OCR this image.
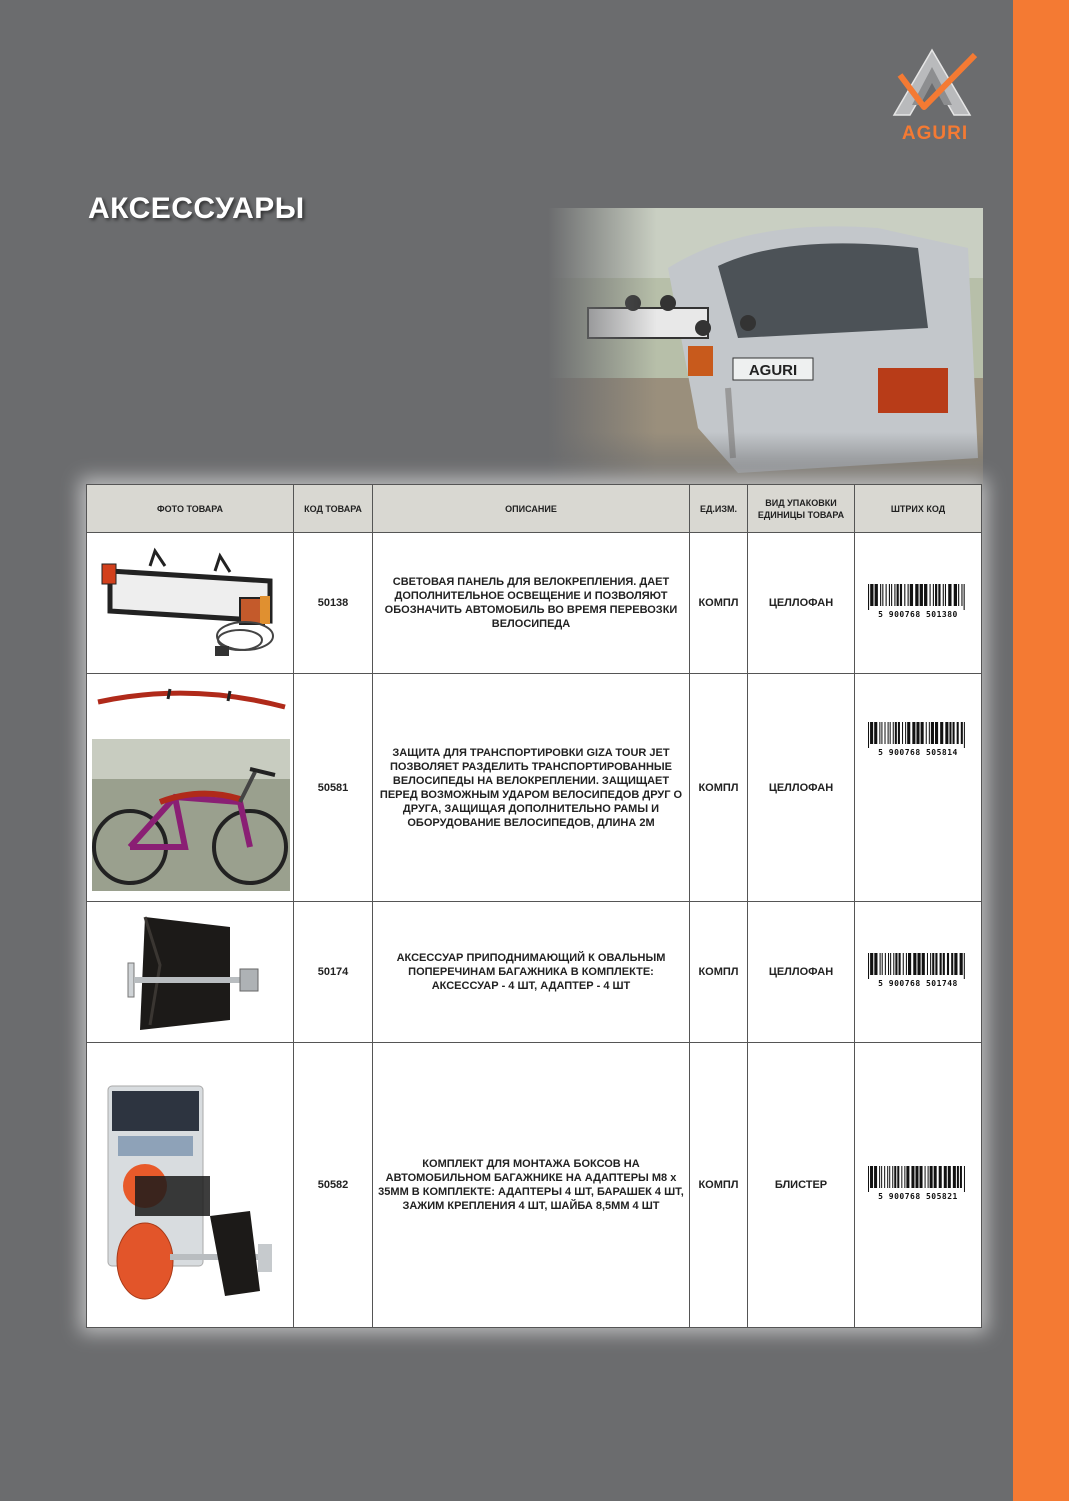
AGURI
АКСЕССУАРЫ
ФОТО ТОВАРА	КОД ТОВАРА	ОПИСАНИЕ	ЕД.ИЗМ.	ВИД УПАКОВКИ ЕДИНИЦЫ ТОВАРА	ШТРИХ КОД

	50138	СВЕТОВАЯ ПАНЕЛЬ ДЛЯ ВЕЛОКРЕПЛЕНИЯ. ДАЕТ ДОПОЛНИТЕЛЬНОЕ ОСВЕЩЕНИЕ И ПОЗВОЛЯЮТ ОБОЗНАЧИТЬ АВТОМОБИЛЬ ВО ВРЕМЯ ПЕРЕВОЗКИ ВЕЛОСИПЕДА	КОМПЛ	ЦЕЛЛОФАН	5 900768 501380

	50581	ЗАЩИТА ДЛЯ ТРАНСПОРТИРОВКИ GIZA TOUR JET ПОЗВОЛЯЕТ РАЗДЕЛИТЬ ТРАНСПОРТИРОВАННЫЕ ВЕЛОСИПЕДЫ НА ВЕЛОКРЕПЛЕНИИ. ЗАЩИЩАЕТ ПЕРЕД ВОЗМОЖНЫМ УДАРОМ ВЕЛОСИПЕДОВ ДРУГ О ДРУГА, ЗАЩИЩАЯ ДОПОЛНИТЕЛЬНО РАМЫ И ОБОРУДОВАНИЕ ВЕЛОСИПЕДОВ, ДЛИНА 2М	КОМПЛ	ЦЕЛЛОФАН	5 900768 505814

	50174	АКСЕССУАР ПРИПОДНИМАЮЩИЙ К ОВАЛЬНЫМ ПОПЕРЕЧИНАМ БАГАЖНИКА В КОМПЛЕКТЕ: АКСЕССУАР - 4 ШТ, АДАПТЕР - 4 ШТ	КОМПЛ	ЦЕЛЛОФАН	5 900768 501748

	50582	КОМПЛЕКТ ДЛЯ МОНТАЖА БОКСОВ НА АВТОМОБИЛЬНОМ БАГАЖНИКЕ НА АДАПТЕРЫ М8 x 35ММ В КОМПЛЕКТЕ: АДАПТЕРЫ 4 ШТ, БАРАШЕК 4 ШТ, ЗАЖИМ КРЕПЛЕНИЯ 4 ШТ, ШАЙБА 8,5ММ 4 ШТ	КОМПЛ	БЛИСТЕР	5 900768 505821
